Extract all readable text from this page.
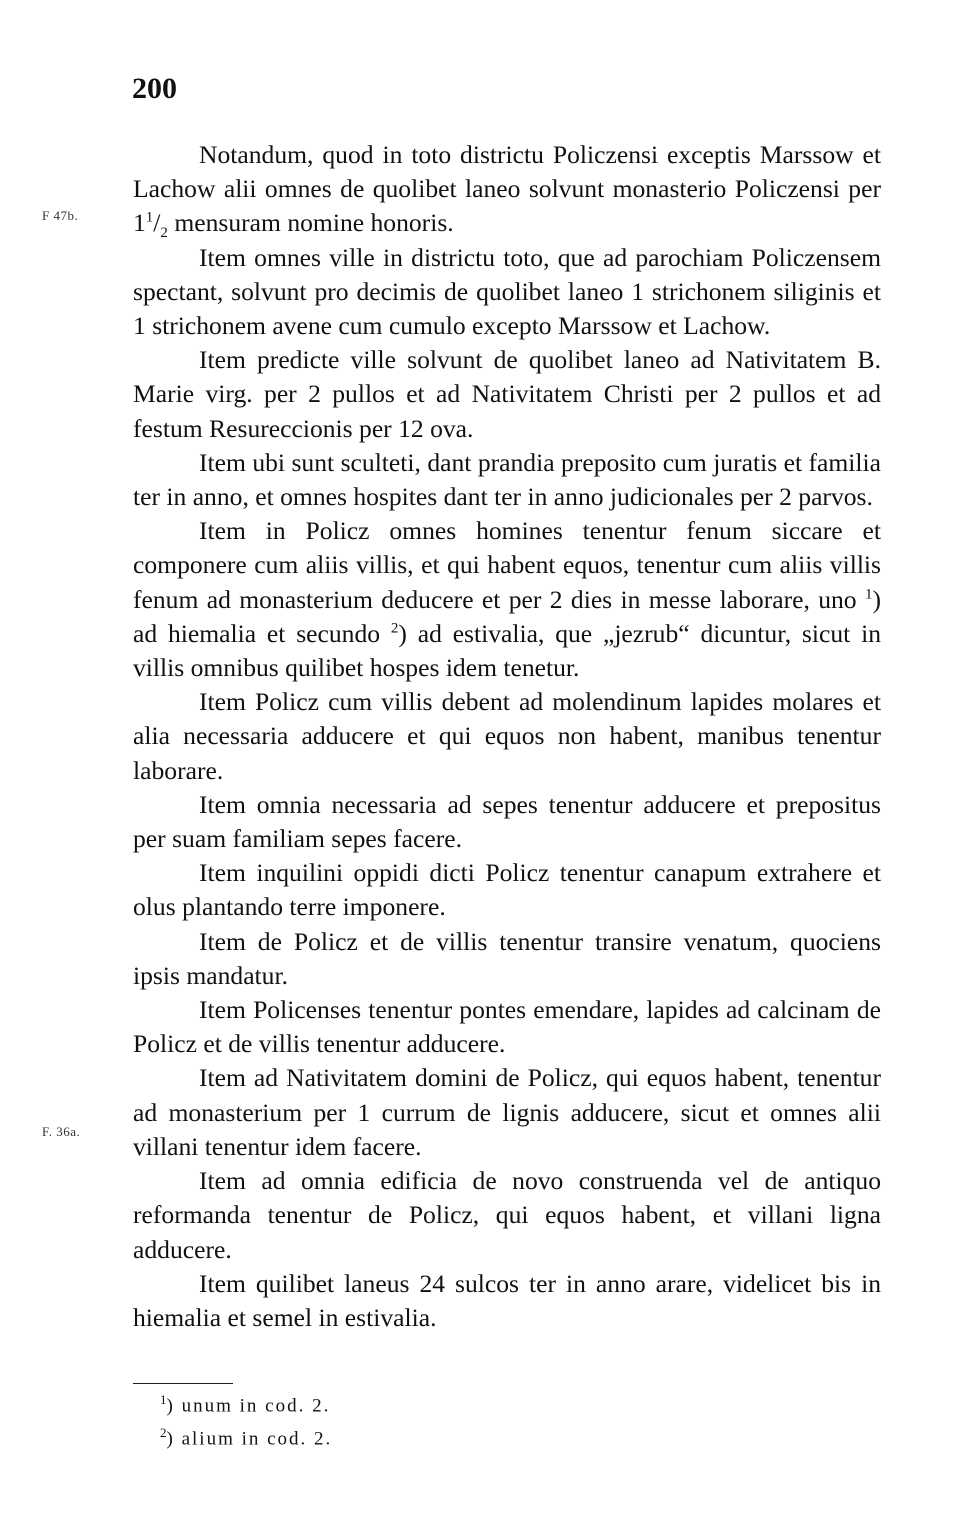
200
F 47b.
F. 36a.

Notandum, quod in toto districtu Policzensi exceptis Marssow et Lachow alii omnes de quolibet laneo solvunt monasterio Policzensi per $1^1/_2$ mensuram nomine honoris.

Item omnes ville in districtu toto, que ad parochiam Policzensem spectant, solvunt pro decimis de quolibet laneo 1 strichonem siliginis et 1 strichonem avene cum cumulo excepto Marssow et Lachow.

Item predicte ville solvunt de quolibet laneo ad Nativitatem B. Marie virg. per 2 pullos et ad Nativitatem Christi per 2 pullos et ad festum Resureccionis per 12 ova.

Item ubi sunt sculteti, dant prandia preposito cum juratis et familia ter in anno, et omnes hospites dant ter in anno judicionales per 2 parvos.

Item in Policz omnes homines tenentur fenum siccare et componere cum aliis villis, et qui habent equos, tenentur cum aliis villis fenum ad monasterium deducere et per 2 dies in messe laborare, uno $^1$) ad hiemalia et secundo $^2$) ad estivalia, que „jezrub“ dicuntur, sicut in villis omnibus quilibet hospes idem tenetur.

Item Policz cum villis debent ad molendinum lapides molares et alia necessaria adducere et qui equos non habent, manibus tenentur laborare.

Item omnia necessaria ad sepes tenentur adducere et prepositus per suam familiam sepes facere.

Item inquilini oppidi dicti Policz tenentur canapum extrahere et olus plantando terre imponere.

Item de Policz et de villis tenentur transire venatum, quociens ipsis mandatur.

Item Policenses tenentur pontes emendare, lapides ad calcinam de Policz et de villis tenentur adducere.

Item ad Nativitatem domini de Policz, qui equos habent, tenentur ad monasterium per 1 currum de lignis adducere, sicut et omnes alii villani tenentur idem facere.

Item ad omnia edificia de novo construenda vel de antiquo reformanda tenentur de Policz, qui equos habent, et villani ligna adducere.

Item quilibet laneus 24 sulcos ter in anno arare, videlicet bis in hiemalia et semel in estivalia.

$^1$) unum in cod. 2.
$^2$) alium in cod. 2.
